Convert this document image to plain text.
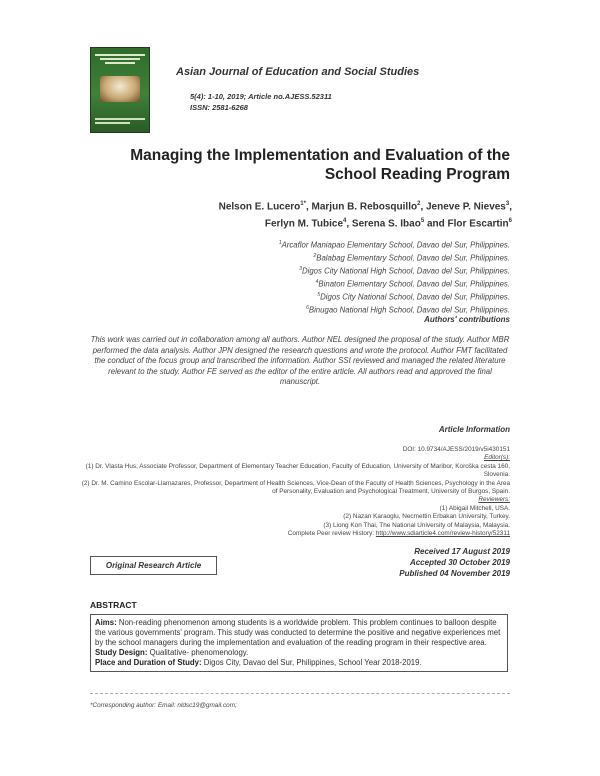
Asian Journal of Education and Social Studies
5(4): 1-10, 2019; Article no.AJESS.52311
ISSN: 2581-6268
Managing the Implementation and Evaluation of the
School Reading Program
Nelson E. Lucero$^{1*}$, Marjun B. Rebosquillo$^2$, Jeneve P. Nieves$^3$,
Ferlyn M. Tubice$^4$, Serena S. Ibao$^5$ and Flor Escartin$^6$
$^1$Arcaflor Maniapao Elementary School, Davao del Sur, Philippines.
$^2$Balabag Elementary School, Davao del Sur, Philippines.
$^3$Digos City National High School, Davao del Sur, Philippines.
$^4$Binaton Elementary School, Davao del Sur, Philippines.
$^5$Digos City National School, Davao del Sur, Philippines.
$^6$Binugao National High School, Davao del Sur, Philippines.
Authors' contributions
This work was carried out in collaboration among all authors. Author NEL designed the proposal of the study. Author MBR performed the data analysis. Author JPN designed the research questions and wrote the protocol. Author FMT facilitated the conduct of the focus group and transcribed the information. Author SSI reviewed and managed the related literature relevant to the study. Author FE served as the editor of the entire article. All authors read and approved the final manuscript.
Article Information
DOI: 10.9734/AJESS/2019/v5i430151
Editor(s):
(1) Dr. Vlasta Hus, Associate Professor, Department of Elementary Teacher Education, Faculty of Education, University of Maribor, Koroška cesta 160, Slovenia.
(2) Dr. M. Camino Escolar-Llamazares, Professor, Department of Health Sciences, Vice-Dean of the Faculty of Health Sciences, Psychology in the Area of Personality, Evaluation and Psychological Treatment, University of Burgos, Spain.
Reviewers:
(1) Abigail Mitchell, USA.
(2) Nazan Karaoglu, Necmettin Erbakan University, Turkey.
(3) Liong Kon Thai, The National University of Malaysia, Malaysia.
Complete Peer review History: http://www.sdiarticle4.com/review-history/52311
Original Research Article
Received 17 August 2019
Accepted 30 October 2019
Published 04 November 2019
ABSTRACT
Aims: Non-reading phenomenon among students is a worldwide problem. This problem continues to balloon despite the various governments' program. This study was conducted to determine the positive and negative experiences met by the school managers during the implementation and evaluation of the reading program in their respective area.
Study Design: Qualitative- phenomenology.
Place and Duration of Study: Digos City, Davao del Sur, Philippines, School Year 2018-2019.
*Corresponding author: Email: nldsc19@gmail.com;
